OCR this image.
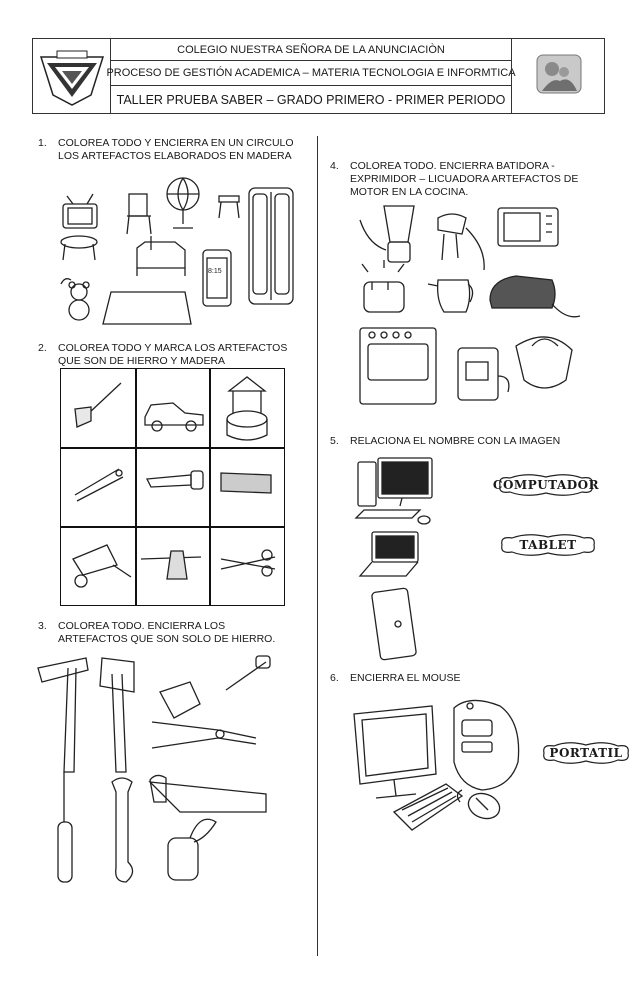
COLEGIO NUESTRA SEÑORA DE LA ANUNCIACIÒN
PROCESO DE GESTIÓN ACADEMICA – MATERIA TECNOLOGIA E INFORMTICA
TALLER PRUEBA SABER – GRADO PRIMERO - PRIMER PERIODO
1. COLOREA TODO Y ENCIERRA EN UN CIRCULO
LOS ARTEFACTOS ELABORADOS EN MADERA
8:15
2. COLOREA TODO Y MARCA LOS ARTEFACTOS
QUE SON DE HIERRO Y MADERA
3. COLOREA TODO. ENCIERRA LOS
ARTEFACTOS QUE SON SOLO DE HIERRO.
4. COLOREA TODO. ENCIERRA BATIDORA -
EXPRIMIDOR – LICUADORA ARTEFACTOS DE
MOTOR EN LA COCINA.
5. RELACIONA EL NOMBRE CON LA IMAGEN
COMPUTADOR
TABLET
6. ENCIERRA EL MOUSE
PORTATIL
